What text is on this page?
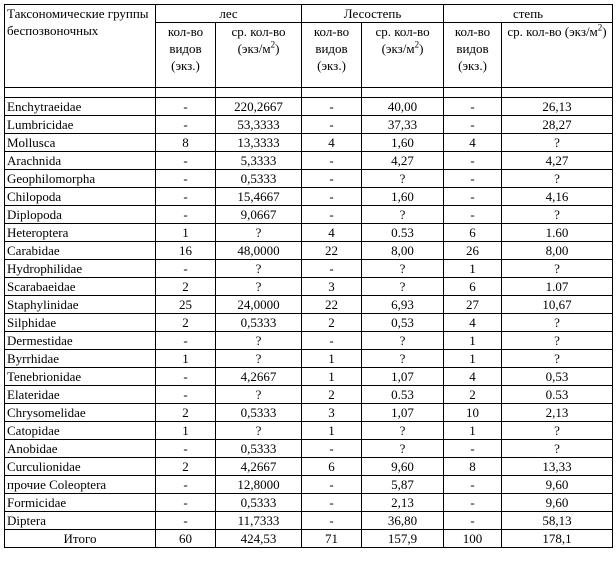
Таксономические группы беспозвоночных	лес		Лесостепь		степь	
	кол-во видов (экз.)	ср. кол-во $(экз/м^2)$	кол-во видов (экз.)	ср. кол-во $(экз/м^2)$	кол-во видов (экз.)	ср. кол-во $(экз/м^2)$

Enchytraeidae	-	220,2667	-	40,00	-	26,13
Lumbricidae	-	53,3333	-	37,33	-	28,27
Mollusca	8	13,3333	4	1,60	4	?
Arachnida	-	5,3333	-	4,27	-	4,27
Geophilomorpha	-	0,5333	-	?	-	?
Chilopoda	-	15,4667	-	1,60	-	4,16
Diplopoda	-	9,0667	-	?	-	?
Heteroptera	1	?	4	0.53	6	1.60
Carabidae	16	48,0000	22	8,00	26	8,00
Hydrophilidae	-	?	-	?	1	?
Scarabaeidae	2	?	3	?	6	1.07
Staphylinidae	25	24,0000	22	6,93	27	10,67
Silphidae	2	0,5333	2	0,53	4	?
Dermestidae	-	?	-	?	1	?
Byrrhidae	1	?	1	?	1	?
Tenebrionidae	-	4,2667	1	1,07	4	0,53
Elateridae	-	?	2	0.53	2	0.53
Chrysomelidae	2	0,5333	3	1,07	10	2,13
Catopidae	1	?	1	?	1	?
Anobidae	-	0,5333	-	?	-	?
Curculionidae	2	4,2667	6	9,60	8	13,33
прочие Coleoptera	-	12,8000	-	5,87	-	9,60
Formicidae	-	0,5333	-	2,13	-	9,60
Diptera	-	11,7333	-	36,80	-	58,13
Итого	60	424,53	71	157,9	100	178,1
